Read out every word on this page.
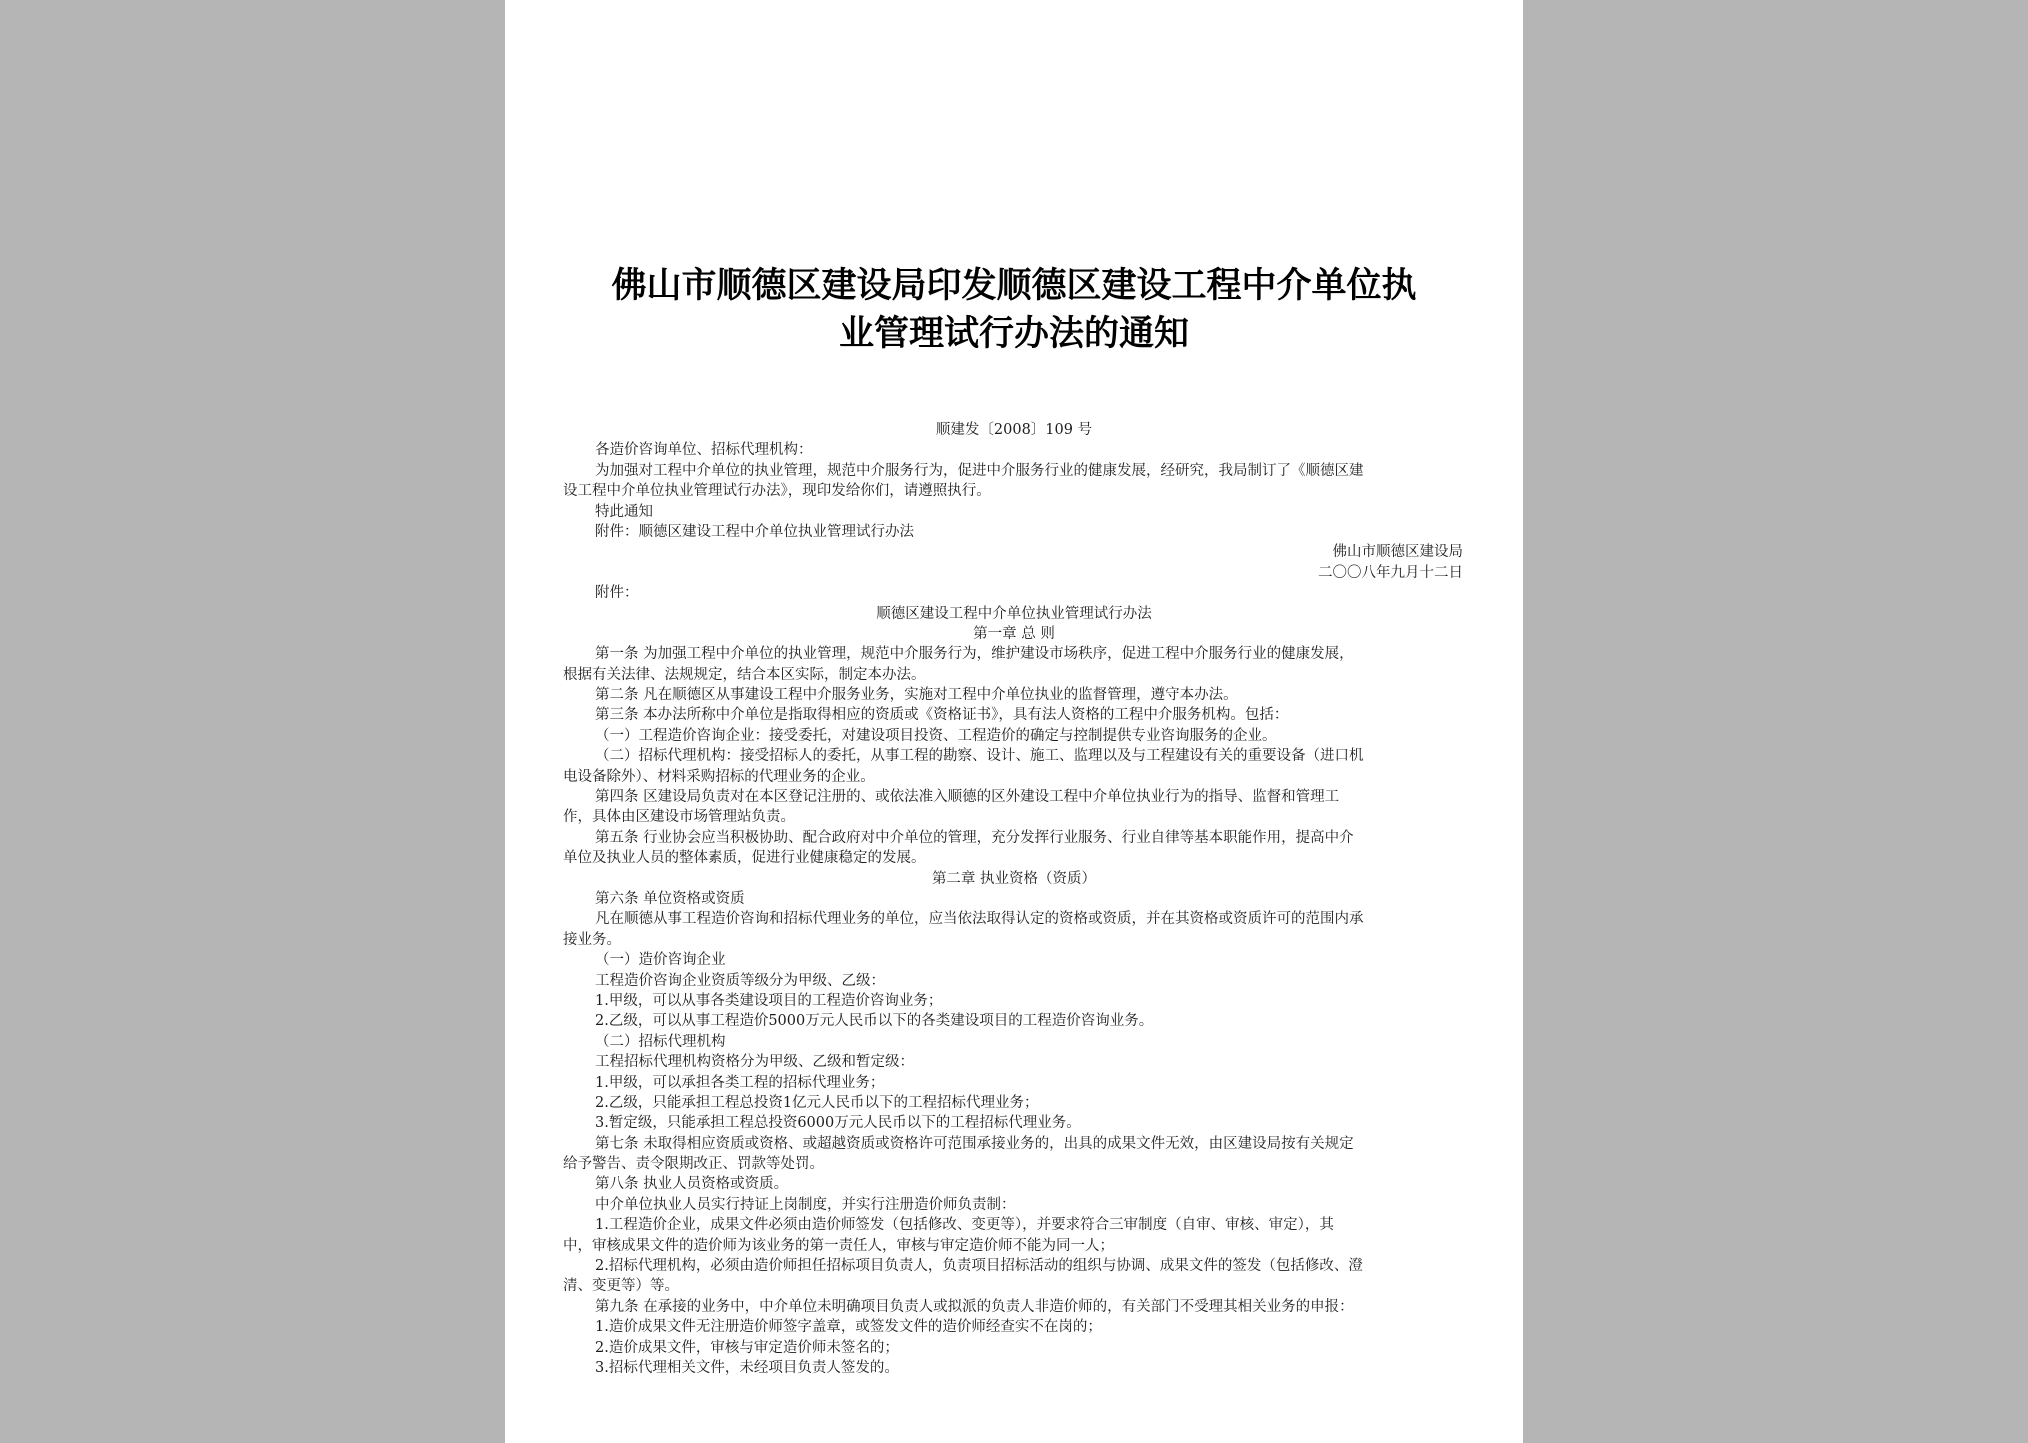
佛山市顺德区建设局印发顺德区建设工程中介单位执
业管理试行办法的通知
顺建发〔2008〕109 号
各造价咨询单位、招标代理机构：
为加强对工程中介单位的执业管理，规范中介服务行为，促进中介服务行业的健康发展，经研究，我局制订了《顺德区建
设工程中介单位执业管理试行办法》，现印发给你们，请遵照执行。
特此通知
附件：顺德区建设工程中介单位执业管理试行办法
佛山市顺德区建设局
二〇〇八年九月十二日
附件：
顺德区建设工程中介单位执业管理试行办法
第一章 总 则
第一条 为加强工程中介单位的执业管理，规范中介服务行为，维护建设市场秩序，促进工程中介服务行业的健康发展，
根据有关法律、法规规定，结合本区实际，制定本办法。
第二条 凡在顺德区从事建设工程中介服务业务，实施对工程中介单位执业的监督管理，遵守本办法。
第三条 本办法所称中介单位是指取得相应的资质或《资格证书》，具有法人资格的工程中介服务机构。包括：
（一）工程造价咨询企业：接受委托，对建设项目投资、工程造价的确定与控制提供专业咨询服务的企业。
（二）招标代理机构：接受招标人的委托，从事工程的勘察、设计、施工、监理以及与工程建设有关的重要设备（进口机
电设备除外）、材料采购招标的代理业务的企业。
第四条 区建设局负责对在本区登记注册的、或依法准入顺德的区外建设工程中介单位执业行为的指导、监督和管理工
作，具体由区建设市场管理站负责。
第五条 行业协会应当积极协助、配合政府对中介单位的管理，充分发挥行业服务、行业自律等基本职能作用，提高中介
单位及执业人员的整体素质，促进行业健康稳定的发展。
第二章 执业资格（资质）
第六条 单位资格或资质
凡在顺德从事工程造价咨询和招标代理业务的单位，应当依法取得认定的资格或资质，并在其资格或资质许可的范围内承
接业务。
（一）造价咨询企业
工程造价咨询企业资质等级分为甲级、乙级：
1.甲级，可以从事各类建设项目的工程造价咨询业务；
2.乙级，可以从事工程造价5000万元人民币以下的各类建设项目的工程造价咨询业务。
（二）招标代理机构
工程招标代理机构资格分为甲级、乙级和暂定级：
1.甲级，可以承担各类工程的招标代理业务；
2.乙级，只能承担工程总投资1亿元人民币以下的工程招标代理业务；
3.暂定级，只能承担工程总投资6000万元人民币以下的工程招标代理业务。
第七条 未取得相应资质或资格、或超越资质或资格许可范围承接业务的，出具的成果文件无效，由区建设局按有关规定
给予警告、责令限期改正、罚款等处罚。
第八条 执业人员资格或资质。
中介单位执业人员实行持证上岗制度，并实行注册造价师负责制：
1.工程造价企业，成果文件必须由造价师签发（包括修改、变更等），并要求符合三审制度（自审、审核、审定），其
中，审核成果文件的造价师为该业务的第一责任人，审核与审定造价师不能为同一人；
2.招标代理机构，必须由造价师担任招标项目负责人，负责项目招标活动的组织与协调、成果文件的签发（包括修改、澄
清、变更等）等。
第九条 在承接的业务中，中介单位未明确项目负责人或拟派的负责人非造价师的，有关部门不受理其相关业务的申报：
1.造价成果文件无注册造价师签字盖章，或签发文件的造价师经查实不在岗的；
2.造价成果文件，审核与审定造价师未签名的；
3.招标代理相关文件，未经项目负责人签发的。
